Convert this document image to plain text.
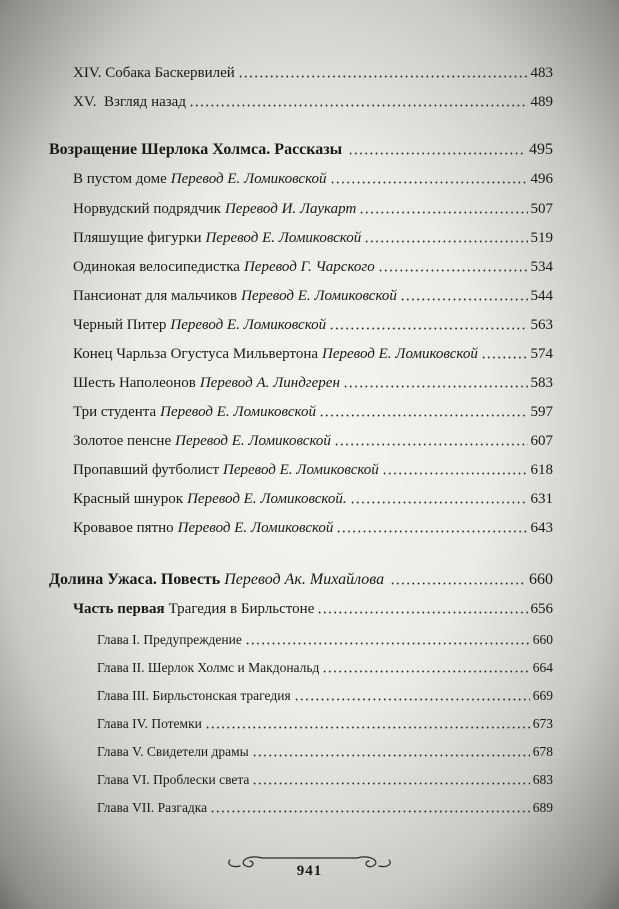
XIV. Собака Баскервилей	483
XV.  Взгляд назад	489
Возращение Шерлока Холмса. Рассказы	495
В пустом доме Перевод Е. Ломиковской	496
Норвудский подрядчик Перевод И. Лаукарт	507
Пляшущие фигурки Перевод Е. Ломиковской	519
Одинокая велосипедистка Перевод Г. Чарского	534
Пансионат для мальчиков Перевод Е. Ломиковской	544
Черный Питер Перевод Е. Ломиковской	563
Конец Чарльза Огустуса Мильвертона Перевод Е. Ломиковской	574
Шесть Наполеонов Перевод А. Линдгерен	583
Три студента Перевод Е. Ломиковской	597
Золотое пенсне Перевод Е. Ломиковской	607
Пропавший футболист Перевод Е. Ломиковской	618
Красный шнурок Перевод Е. Ломиковской.	631
Кровавое пятно Перевод Е. Ломиковской	643
Долина Ужаса. Повесть Перевод Ак. Михайлова	660
Часть первая Трагедия в Бирльстоне	656
Глава I. Предупреждение	660
Глава II. Шерлок Холмс и Макдональд	664
Глава III. Бирльстонская трагедия	669
Глава IV. Потемки	673
Глава V. Свидетели драмы	678
Глава VI. Проблески света	683
Глава VII. Разгадка	689
941
